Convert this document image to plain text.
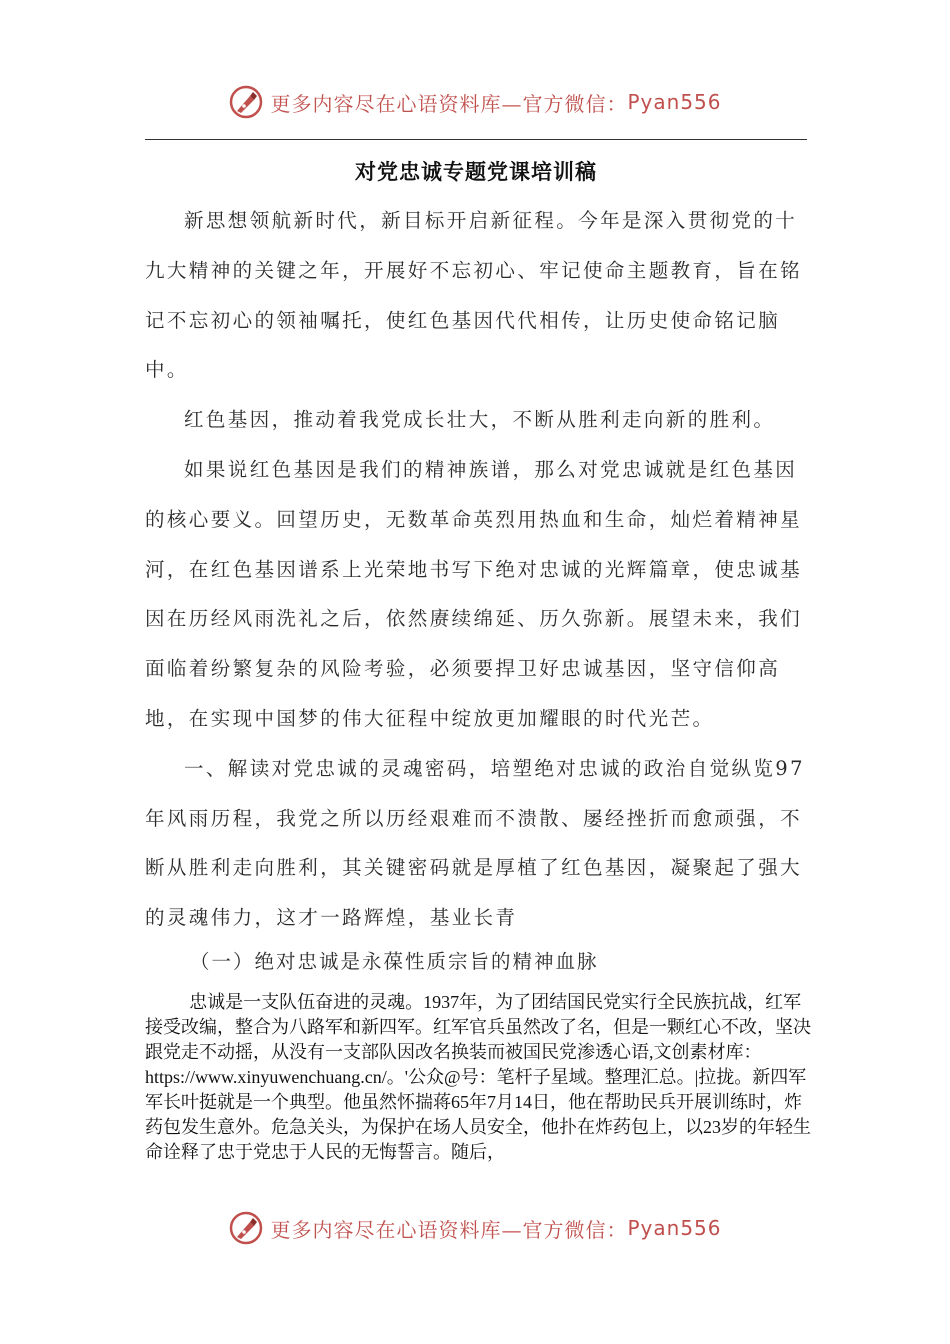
更多内容尽在心语资料库—官方微信： Pyan556
对党忠诚专题党课培训稿

新思想领航新时代，新目标开启新征程。今年是深入贯彻党的十九大精神的关键之年，开展好不忘初心、牢记使命主题教育，旨在铭记不忘初心的领袖嘱托，使红色基因代代相传，让历史使命铭记脑中。

红色基因，推动着我党成长壮大，不断从胜利走向新的胜利。

如果说红色基因是我们的精神族谱，那么对党忠诚就是红色基因的核心要义。回望历史，无数革命英烈用热血和生命，灿烂着精神星河，在红色基因谱系上光荣地书写下绝对忠诚的光辉篇章，使忠诚基因在历经风雨洗礼之后，依然赓续绵延、历久弥新。展望未来，我们面临着纷繁复杂的风险考验，必须要捍卫好忠诚基因，坚守信仰高地，在实现中国梦的伟大征程中绽放更加耀眼的时代光芒。

一、解读对党忠诚的灵魂密码，培塑绝对忠诚的政治自觉纵览97年风雨历程，我党之所以历经艰难而不溃散、屡经挫折而愈顽强，不断从胜利走向胜利，其关键密码就是厚植了红色基因，凝聚起了强大的灵魂伟力，这才一路辉煌，基业长青

（一）绝对忠诚是永葆性质宗旨的精神血脉

忠诚是一支队伍奋进的灵魂。1937年，为了团结国民党实行全民族抗战，红军接受改编，整合为八路军和新四军。红军官兵虽然改了名，但是一颗红心不改，坚决跟党走不动摇，从没有一支部队因改名换装而被国民党渗透心语,文创素材库：https://www.xinyuwenchuang.cn/。'公众@号：笔杆子星域。整理汇总。|拉拢。新四军军长叶挺就是一个典型。他虽然怀揣蒋65年7月14日，他在帮助民兵开展训练时，炸药包发生意外。危急关头，为保护在场人员安全，他扑在炸药包上，以23岁的年轻生命诠释了忠于党忠于人民的无悔誓言。随后，

更多内容尽在心语资料库—官方微信： Pyan556
